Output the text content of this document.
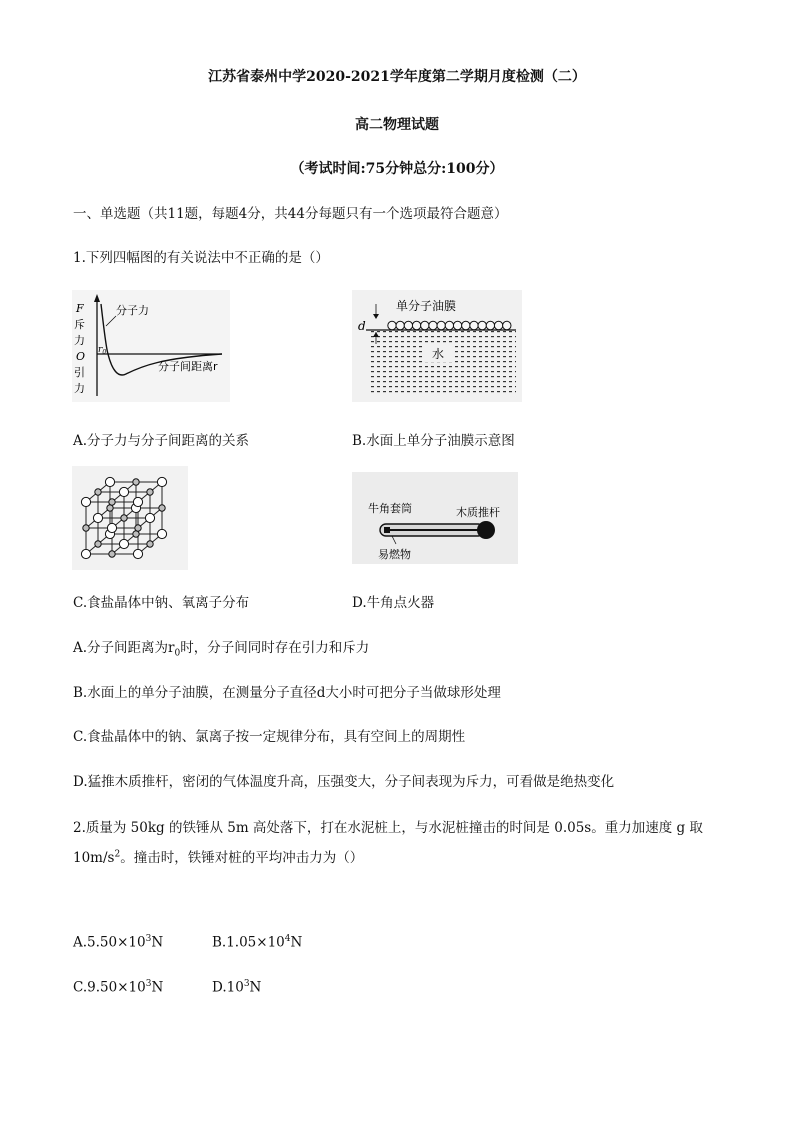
江苏省泰州中学2020-2021学年度第二学期月度检测（二）
高二物理试题
（考试时间:75分钟总分:100分）
一、单选题（共11题，每题4分，共44分每题只有一个选项最符合题意）
1.下列四幅图的有关说法中不正确的是（）
F
斥
力
O
引
力
分子力
$r_0$
分子间距离r
水
单分子油膜
d
A.分子力与分子间距离的关系	B.水面上单分子油膜示意图
牛角套筒	木质推杆
易燃物
C.食盐晶体中钠、氧离子分布	D.牛角点火器
A.分子间距离为$r_0$时，分子间同时存在引力和斥力
B.水面上的单分子油膜，在测量分子直径d大小时可把分子当做球形处理
C.食盐晶体中的钠、氯离子按一定规律分布，具有空间上的周期性
D.猛推木质推杆，密闭的气体温度升高，压强变大，分子间表现为斥力，可看做是绝热变化
2.质量为 50kg 的铁锤从 5m 高处落下，打在水泥桩上，与水泥桩撞击的时间是 0.05s。重力加速度 g 取
$10m/s^2$。撞击时，铁锤对桩的平均冲击力为（）
$A.5.50\times 10^3N$	$B.1.05\times 10^4N$
$C.9.50\times 10^3N$	$D.10^3N$
